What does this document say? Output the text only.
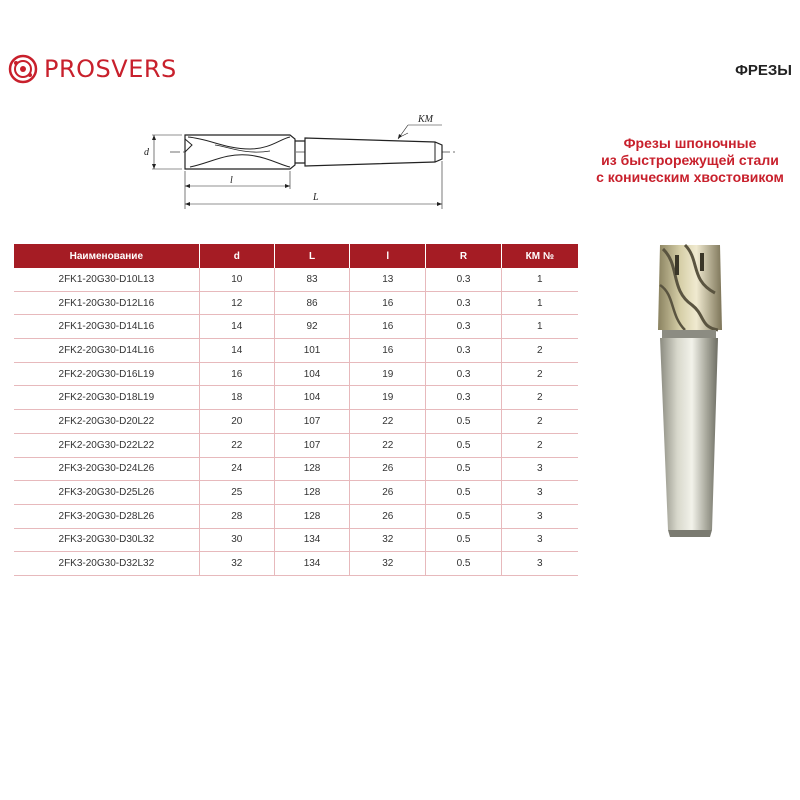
PROSVERS	ФРЕЗЫ
d
l
L
KM
Фрезы шпоночные
из быстрорежущей стали
с коническим хвостовиком
Наименование	d	L	l	R	КМ №
2FK1-20G30-D10L13	10	83	13	0.3	1
2FK1-20G30-D12L16	12	86	16	0.3	1
2FK1-20G30-D14L16	14	92	16	0.3	1
2FK2-20G30-D14L16	14	101	16	0.3	2
2FK2-20G30-D16L19	16	104	19	0.3	2
2FK2-20G30-D18L19	18	104	19	0.3	2
2FK2-20G30-D20L22	20	107	22	0.5	2
2FK2-20G30-D22L22	22	107	22	0.5	2
2FK3-20G30-D24L26	24	128	26	0.5	3
2FK3-20G30-D25L26	25	128	26	0.5	3
2FK3-20G30-D28L26	28	128	26	0.5	3
2FK3-20G30-D30L32	30	134	32	0.5	3
2FK3-20G30-D32L32	32	134	32	0.5	3
